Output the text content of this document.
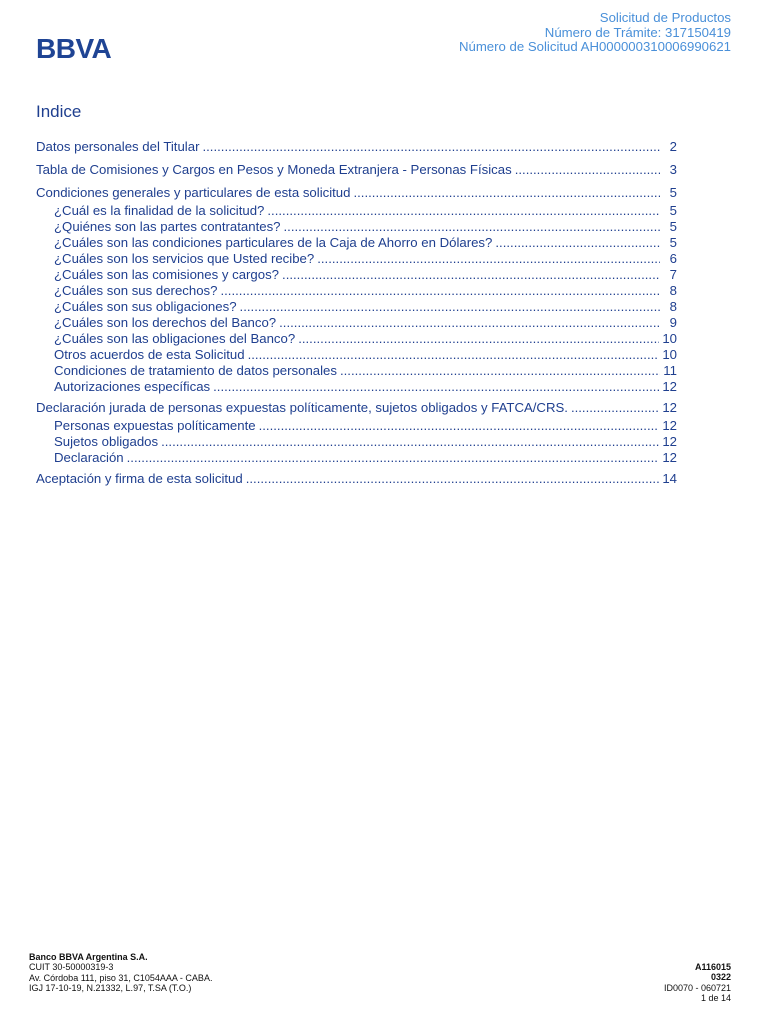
BBVA
Solicitud de Productos
Número de Trámite: 317150419
Número de Solicitud AH000000310006990621
Indice
Datos personales del Titular .....	2
Tabla de Comisiones y Cargos en Pesos y Moneda Extranjera - Personas Físicas .....	3
Condiciones generales y particulares de esta solicitud .....	5
¿Cuál es la finalidad de la solicitud? .....	5
¿Quiénes son las partes contratantes? .....	5
¿Cuáles son las condiciones particulares de la Caja de Ahorro en Dólares? .....	5
¿Cuáles son los servicios que Usted recibe? .....	6
¿Cuáles son las comisiones y cargos? .....	7
¿Cuáles son sus derechos? .....	8
¿Cuáles son sus obligaciones? .....	8
¿Cuáles son los derechos del Banco? .....	9
¿Cuáles son las obligaciones del Banco? .....	10
Otros acuerdos de esta Solicitud .....	10
Condiciones de tratamiento de datos personales .....	11
Autorizaciones específicas .....	12
Declaración jurada de personas expuestas políticamente, sujetos obligados y FATCA/CRS. .....	12
Personas expuestas políticamente .....	12
Sujetos obligados .....	12
Declaración .....	12
Aceptación y firma de esta solicitud .....	14
Banco BBVA Argentina S.A.
CUIT 30-50000319-3
Av. Córdoba 111, piso 31, C1054AAA - CABA.
IGJ 17-10-19, N.21332, L.97, T.SA (T.O.)
A116015
0322
ID0070 - 060721
1 de 14
